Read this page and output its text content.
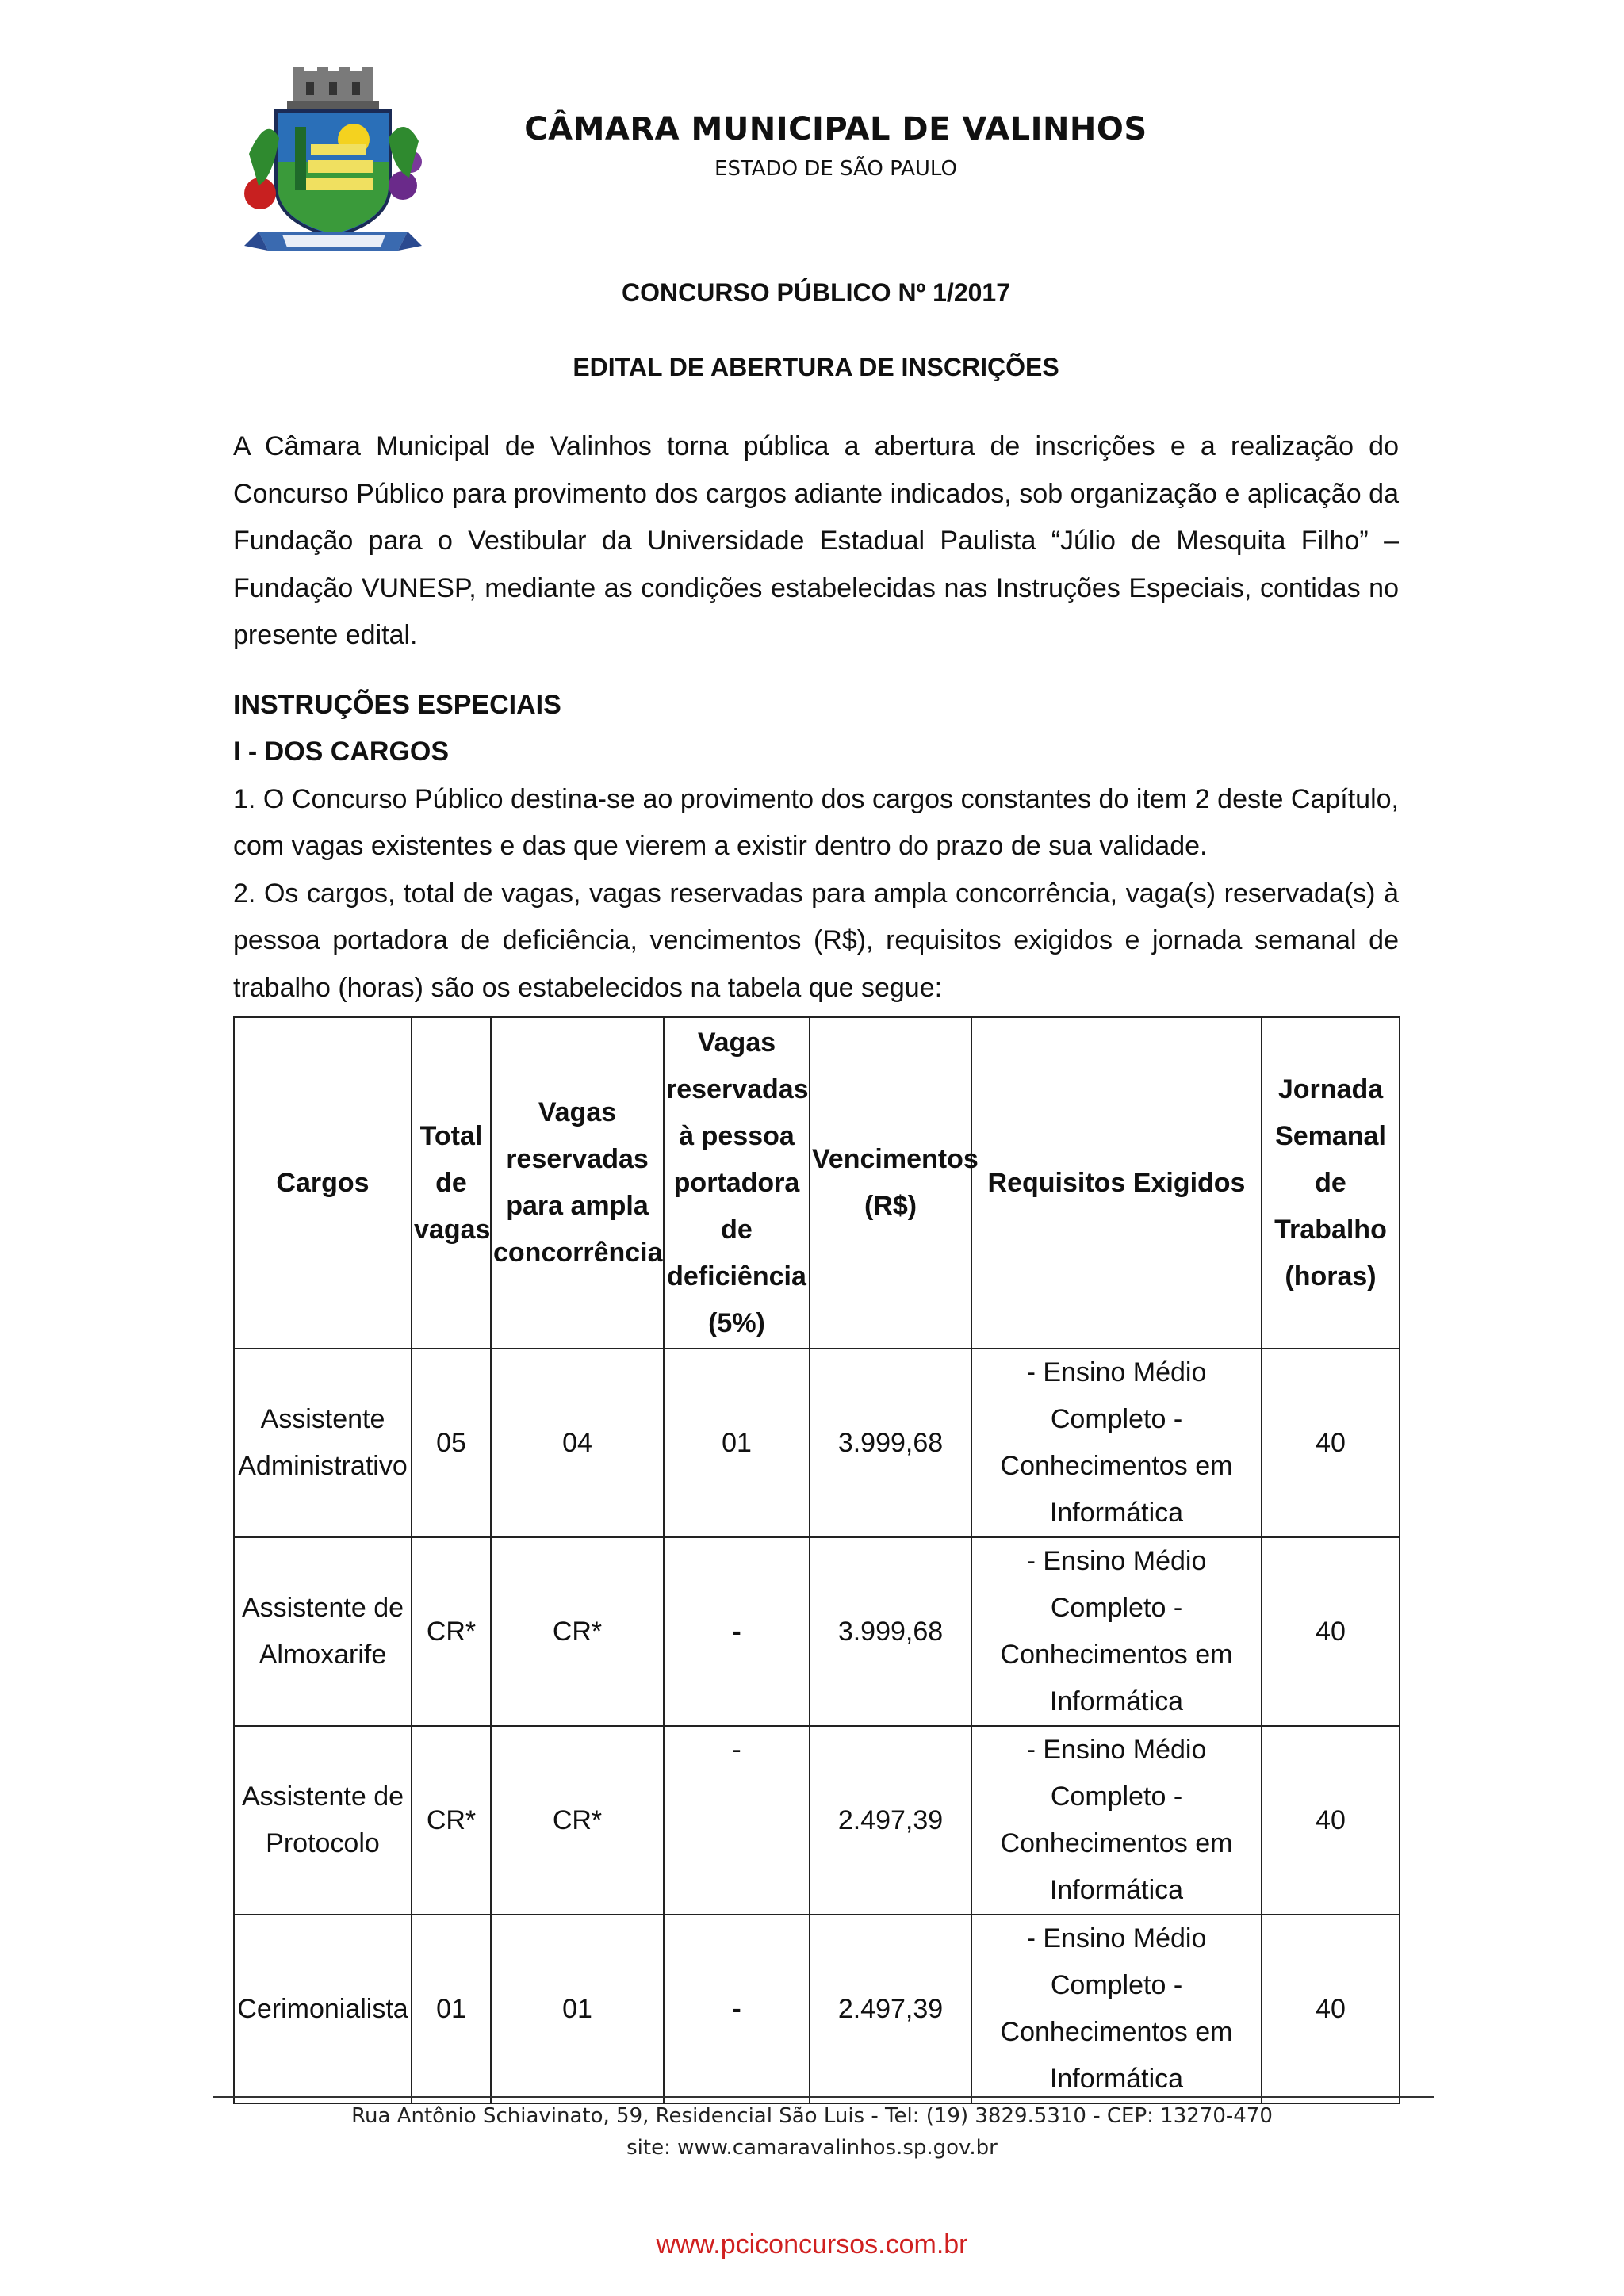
CÂMARA MUNICIPAL DE VALINHOS
ESTADO DE SÃO PAULO
CONCURSO PÚBLICO Nº 1/2017
EDITAL DE ABERTURA DE INSCRIÇÕES

A Câmara Municipal de Valinhos torna pública a abertura de inscrições e a realização do Concurso Público para provimento dos cargos adiante indicados, sob organização e aplicação da Fundação para o Vestibular da Universidade Estadual Paulista “Júlio de Mesquita Filho” – Fundação VUNESP, mediante as condições estabelecidas nas Instruções Especiais, contidas no presente edital.

INSTRUÇÕES ESPECIAIS
I - DOS CARGOS

1. O Concurso Público destina-se ao provimento dos cargos constantes do item 2 deste Capítulo, com vagas existentes e das que vierem a existir dentro do prazo de sua validade.

2. Os cargos, total de vagas, vagas reservadas para ampla concorrência, vaga(s) reservada(s) à pessoa portadora de deficiência, vencimentos (R$), requisitos exigidos e jornada semanal de trabalho (horas) são os estabelecidos na tabela que segue:

Cargos	Total de vagas	Vagas reservadas para ampla concorrência	Vagas reservadas à pessoa portadora de deficiência (5%)	Vencimentos (R$)	Requisitos Exigidos	Jornada Semanal de Trabalho (horas)
Assistente Administrativo	05	04	01	3.999,68	- Ensino Médio Completo - Conhecimentos em Informática	40
Assistente de Almoxarife	CR*	CR*	-	3.999,68	- Ensino Médio Completo - Conhecimentos em Informática	40
Assistente de Protocolo	CR*	CR*	-	2.497,39	- Ensino Médio Completo - Conhecimentos em Informática	40
Cerimonialista	01	01	-	2.497,39	- Ensino Médio Completo - Conhecimentos em Informática	40
Rua Antônio Schiavinato, 59, Residencial São Luis - Tel: (19) 3829.5310 - CEP: 13270-470
site: www.camaravalinhos.sp.gov.br
www.pciconcursos.com.br
